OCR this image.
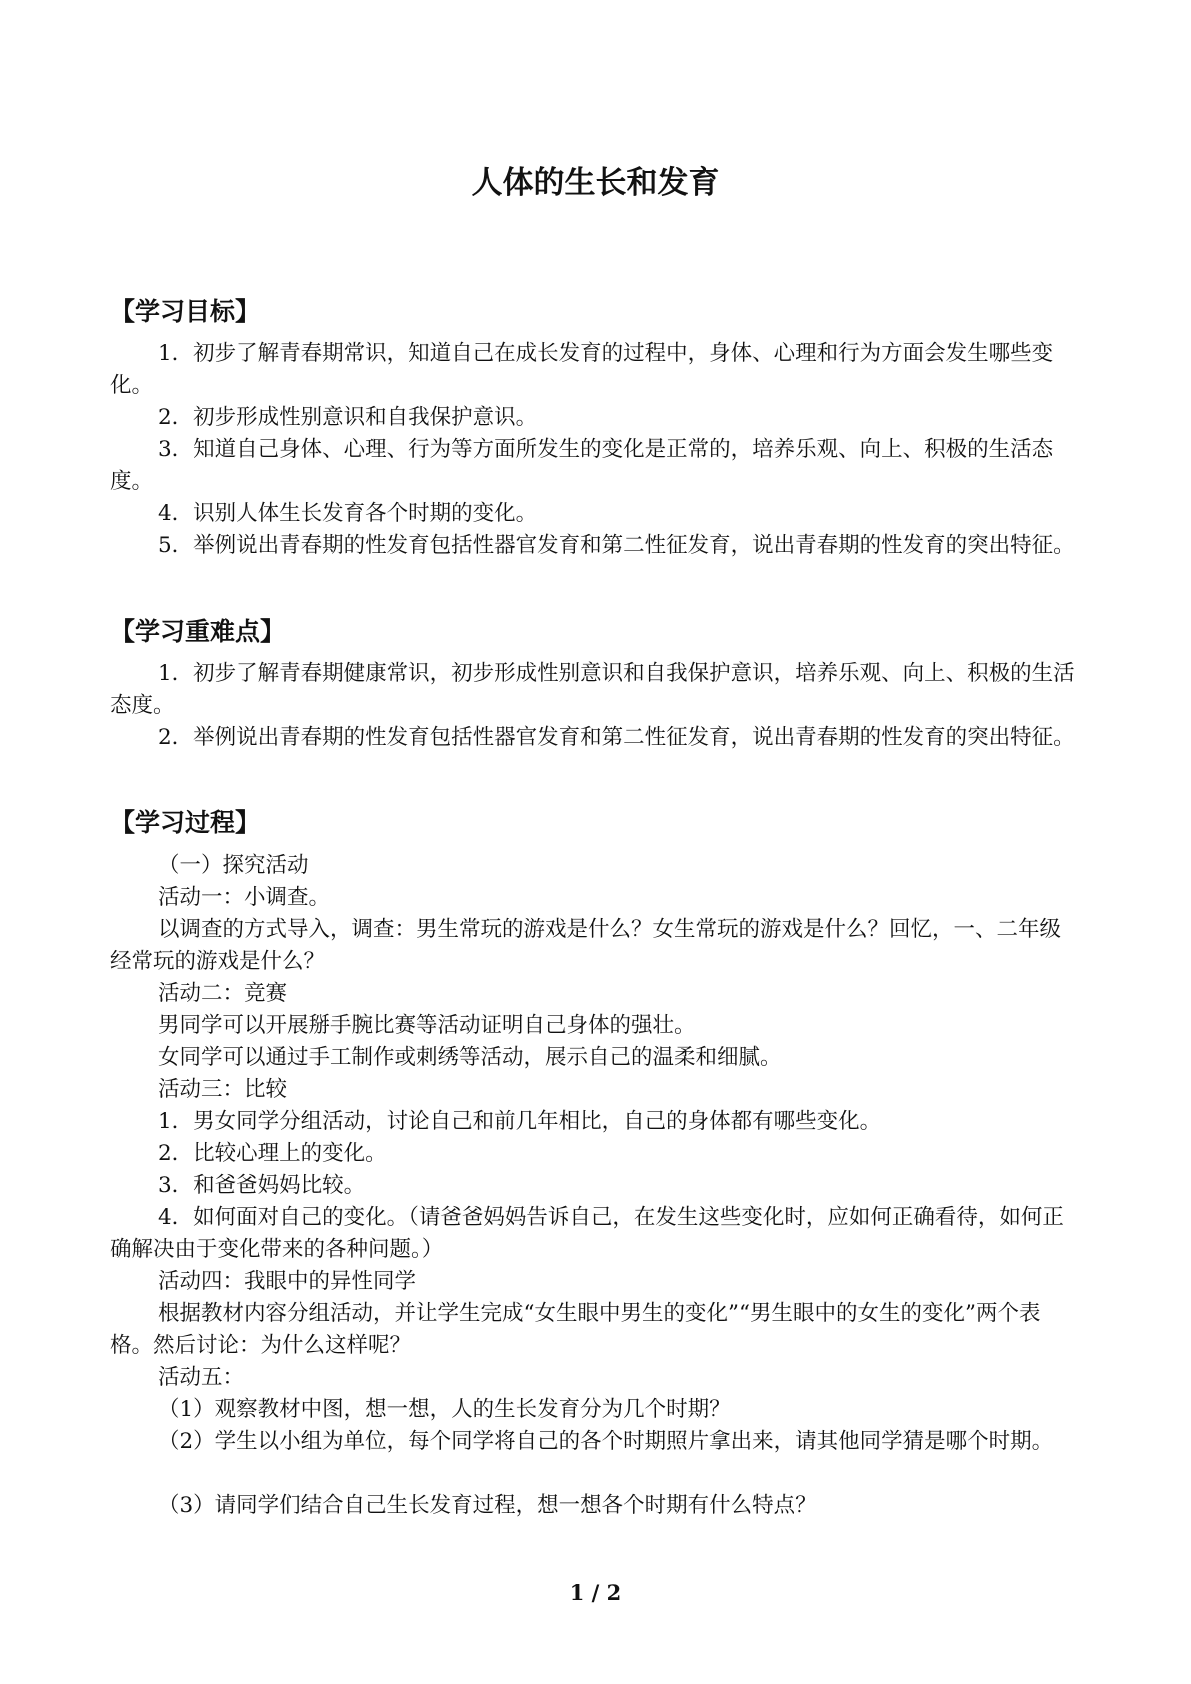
人体的生长和发育
【学习目标】

1．初步了解青春期常识，知道自己在成长发育的过程中，身体、心理和行为方面会发生哪些变化。

2．初步形成性别意识和自我保护意识。

3．知道自己身体、心理、行为等方面所发生的变化是正常的，培养乐观、向上、积极的生活态度。

4．识别人体生长发育各个时期的变化。

5．举例说出青春期的性发育包括性器官发育和第二性征发育，说出青春期的性发育的突出特征。

【学习重难点】

1．初步了解青春期健康常识，初步形成性别意识和自我保护意识，培养乐观、向上、积极的生活态度。

2．举例说出青春期的性发育包括性器官发育和第二性征发育，说出青春期的性发育的突出特征。

【学习过程】

（一）探究活动

活动一：小调查。

以调查的方式导入，调查：男生常玩的游戏是什么？女生常玩的游戏是什么？回忆，一、二年级经常玩的游戏是什么？

活动二：竞赛

男同学可以开展掰手腕比赛等活动证明自己身体的强壮。

女同学可以通过手工制作或刺绣等活动，展示自己的温柔和细腻。

活动三：比较

1．男女同学分组活动，讨论自己和前几年相比，自己的身体都有哪些变化。

2．比较心理上的变化。

3．和爸爸妈妈比较。

4．如何面对自己的变化。（请爸爸妈妈告诉自己，在发生这些变化时，应如何正确看待，如何正确解决由于变化带来的各种问题。）

活动四：我眼中的异性同学

根据教材内容分组活动，并让学生完成“女生眼中男生的变化”“男生眼中的女生的变化”两个表格。然后讨论：为什么这样呢？

活动五：

（1）观察教材中图，想一想，人的生长发育分为几个时期？

（2）学生以小组为单位，每个同学将自己的各个时期照片拿出来，请其他同学猜是哪个时期。

（3）请同学们结合自己生长发育过程，想一想各个时期有什么特点？

1 / 2
